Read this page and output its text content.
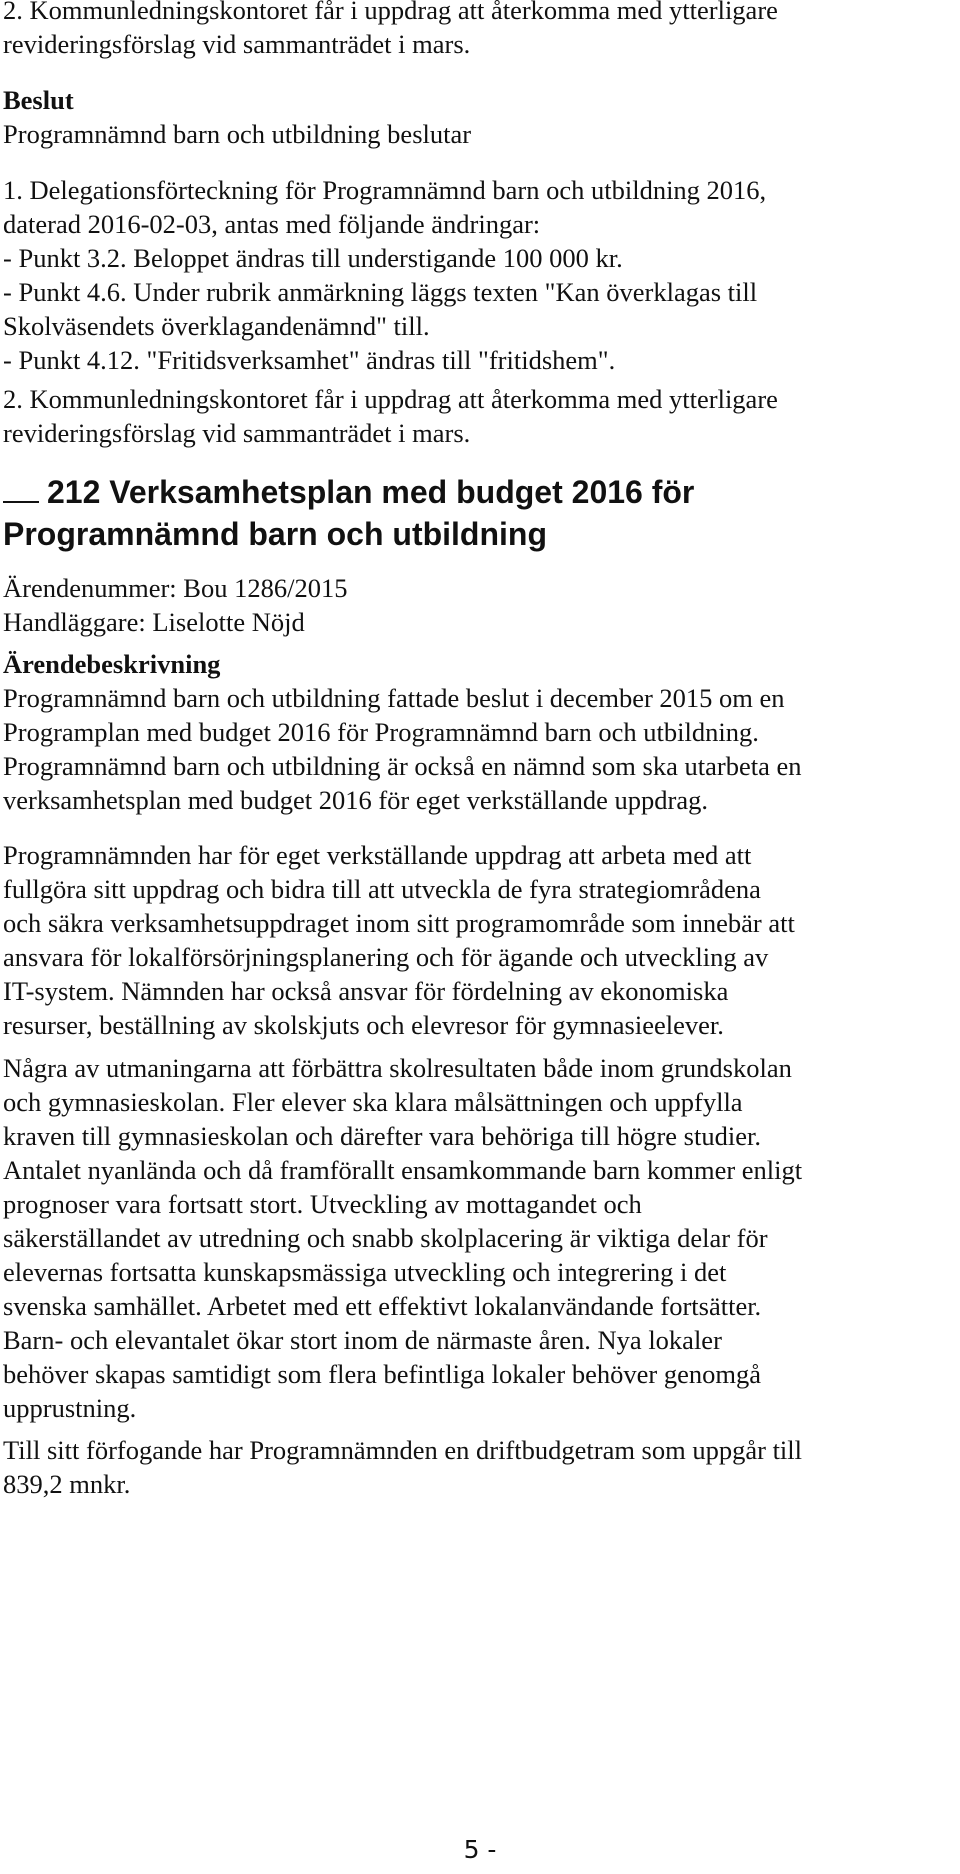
2. Kommunledningskontoret får i uppdrag att återkomma med ytterligare
revideringsförslag vid sammanträdet i mars.

Beslut
Programnämnd barn och utbildning beslutar

1. Delegationsförteckning för Programnämnd barn och utbildning 2016,
daterad 2016-02-03, antas med följande ändringar:
- Punkt 3.2. Beloppet ändras till understigande 100 000 kr.
- Punkt 4.6. Under rubrik anmärkning läggs texten "Kan överklagas till
Skolväsendets överklagandenämnd" till.
- Punkt 4.12. "Fritidsverksamhet" ändras till "fritidshem".

2. Kommunledningskontoret får i uppdrag att återkomma med ytterligare
revideringsförslag vid sammanträdet i mars.

212 Verksamhetsplan med budget 2016 för
Programnämnd barn och utbildning

Ärendenummer: Bou 1286/2015
Handläggare: Liselotte Nöjd

Ärendebeskrivning
Programnämnd barn och utbildning fattade beslut i december 2015 om en
Programplan med budget 2016 för Programnämnd barn och utbildning.
Programnämnd barn och utbildning är också en nämnd som ska utarbeta en
verksamhetsplan med budget 2016 för eget verkställande uppdrag.

Programnämnden har för eget verkställande uppdrag att arbeta med att
fullgöra sitt uppdrag och bidra till att utveckla de fyra strategiområdena
och säkra verksamhetsuppdraget inom sitt programområde som innebär att
ansvara för lokalförsörjningsplanering och för ägande och utveckling av
IT-system. Nämnden har också ansvar för fördelning av ekonomiska
resurser, beställning av skolskjuts och elevresor för gymnasieelever.

Några av utmaningarna att förbättra skolresultaten både inom grundskolan
och gymnasieskolan. Fler elever ska klara målsättningen och uppfylla
kraven till gymnasieskolan och därefter vara behöriga till högre studier.
Antalet nyanlända och då framförallt ensamkommande barn kommer enligt
prognoser vara fortsatt stort. Utveckling av mottagandet och
säkerställandet av utredning och snabb skolplacering är viktiga delar för
elevernas fortsatta kunskapsmässiga utveckling och integrering i det
svenska samhället. Arbetet med ett effektivt lokalanvändande fortsätter.
Barn- och elevantalet ökar stort inom de närmaste åren. Nya lokaler
behöver skapas samtidigt som flera befintliga lokaler behöver genomgå
upprustning.

Till sitt förfogande har Programnämnden en driftbudgetram som uppgår till
839,2 mnkr.

5 -
